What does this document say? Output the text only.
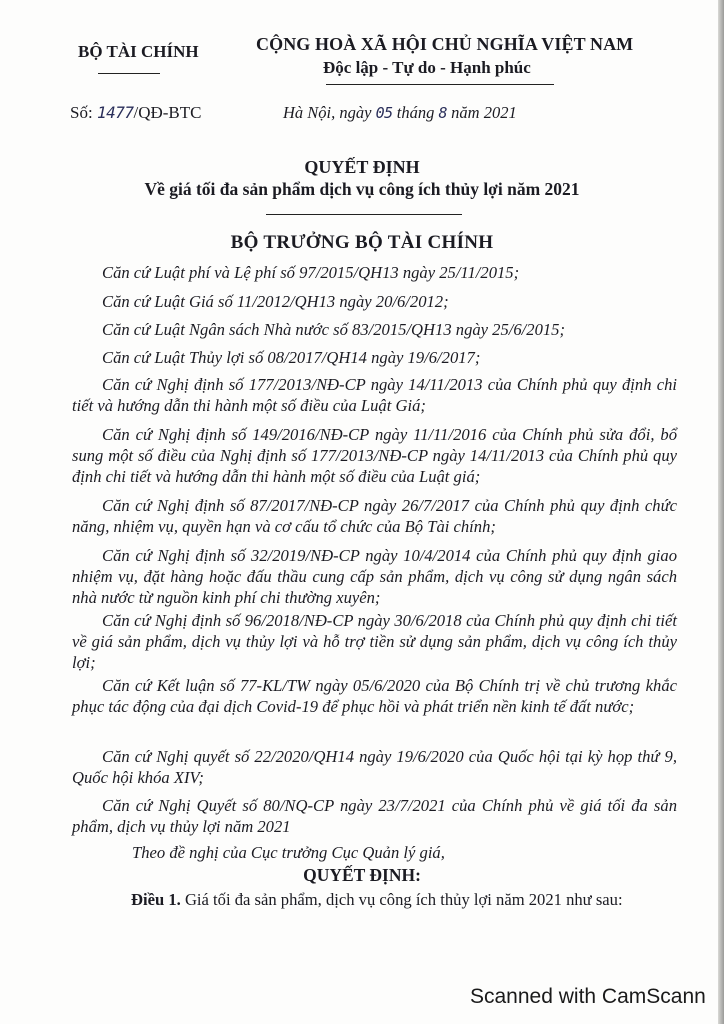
BỘ TÀI CHÍNH	CỘNG HOÀ XÃ HỘI CHỦ NGHĨA VIỆT NAM
Độc lập - Tự do - Hạnh phúc
Số: 1477/QĐ-BTC	Hà Nội, ngày 05 tháng 8 năm 2021
QUYẾT ĐỊNH
Về giá tối đa sản phẩm dịch vụ công ích thủy lợi năm 2021
BỘ TRƯỞNG BỘ TÀI CHÍNH
Căn cứ Luật phí và Lệ phí số 97/2015/QH13 ngày 25/11/2015;
Căn cứ Luật Giá số 11/2012/QH13 ngày 20/6/2012;
Căn cứ Luật Ngân sách Nhà nước số 83/2015/QH13 ngày 25/6/2015;
Căn cứ Luật Thủy lợi số 08/2017/QH14 ngày 19/6/2017;
Căn cứ Nghị định số 177/2013/NĐ-CP ngày 14/11/2013 của Chính phủ quy định chi tiết và hướng dẫn thi hành một số điều của Luật Giá;
Căn cứ Nghị định số 149/2016/NĐ-CP ngày 11/11/2016 của Chính phủ sửa đổi, bổ sung một số điều của Nghị định số 177/2013/NĐ-CP ngày 14/11/2013 của Chính phủ quy định chi tiết và hướng dẫn thi hành một số điều của Luật giá;
Căn cứ Nghị định số 87/2017/NĐ-CP ngày 26/7/2017 của Chính phủ quy định chức năng, nhiệm vụ, quyền hạn và cơ cấu tổ chức của Bộ Tài chính;
Căn cứ Nghị định số 32/2019/NĐ-CP ngày 10/4/2014 của Chính phủ quy định giao nhiệm vụ, đặt hàng hoặc đấu thầu cung cấp sản phẩm, dịch vụ công sử dụng ngân sách nhà nước từ nguồn kinh phí chi thường xuyên;
Căn cứ Nghị định số 96/2018/NĐ-CP ngày 30/6/2018 của Chính phủ quy định chi tiết về giá sản phẩm, dịch vụ thủy lợi và hỗ trợ tiền sử dụng sản phẩm, dịch vụ công ích thủy lợi;
Căn cứ Kết luận số 77-KL/TW ngày 05/6/2020 của Bộ Chính trị về chủ trương khắc phục tác động của đại dịch Covid-19 để phục hồi và phát triển nền kinh tế đất nước;
Căn cứ Nghị quyết số 22/2020/QH14 ngày 19/6/2020 của Quốc hội tại kỳ họp thứ 9, Quốc hội khóa XIV;
Căn cứ Nghị Quyết số 80/NQ-CP ngày 23/7/2021 của Chính phủ về giá tối đa sản phẩm, dịch vụ thủy lợi năm 2021
Theo đề nghị của Cục trưởng Cục Quản lý giá,
QUYẾT ĐỊNH:
Điều 1. Giá tối đa sản phẩm, dịch vụ công ích thủy lợi năm 2021 như sau:
Scanned with CamScann
